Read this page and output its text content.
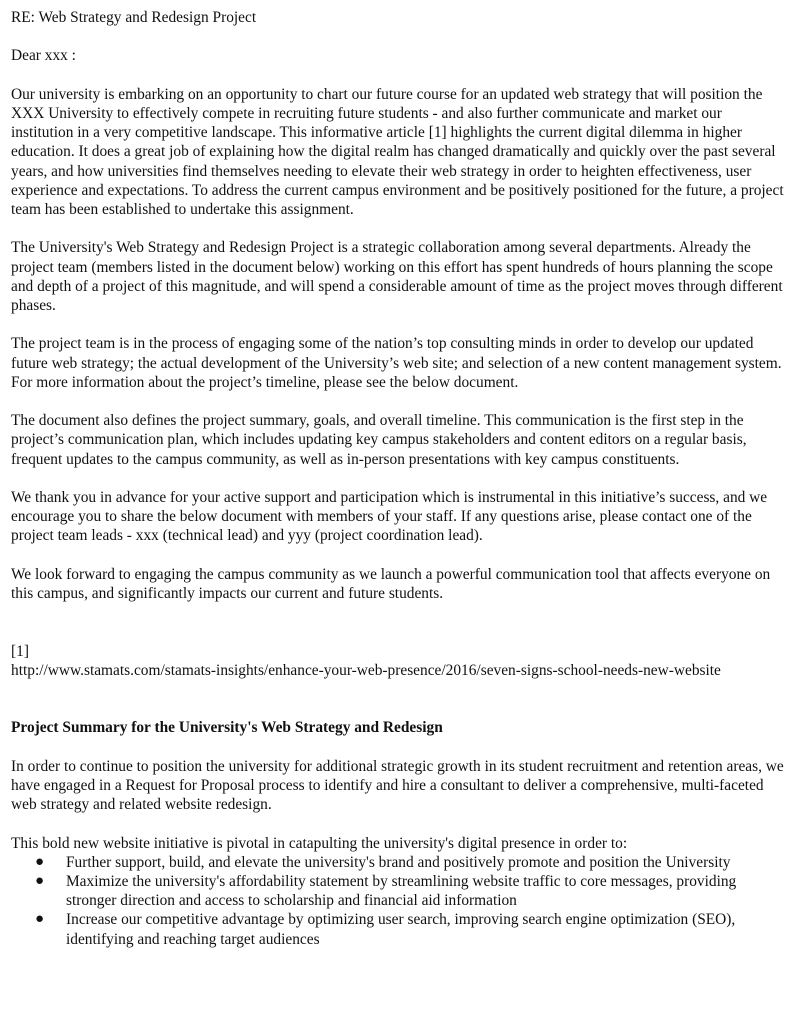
RE: Web Strategy and Redesign Project

Dear xxx :

Our university is embarking on an opportunity to chart our future course for an updated web strategy that will position the XXX University to effectively compete in recruiting future students - and also further communicate and market our institution in a very competitive landscape. This informative article [1] highlights the current digital dilemma in higher education. It does a great job of explaining how the digital realm has changed dramatically and quickly over the past several years, and how universities find themselves needing to elevate their web strategy in order to heighten effectiveness, user experience and expectations. To address the current campus environment and be positively positioned for the future, a project team has been established to undertake this assignment.

The University's Web Strategy and Redesign Project is a strategic collaboration among several departments. Already the project team (members listed in the document below) working on this effort has spent hundreds of hours planning the scope and depth of a project of this magnitude, and will spend a considerable amount of time as the project moves through different phases.

The project team is in the process of engaging some of the nation’s top consulting minds in order to develop our updated future web strategy; the actual development of the University’s web site; and selection of a new content management system. For more information about the project’s timeline, please see the below document.

The document also defines the project summary, goals, and overall timeline. This communication is the first step in the project’s communication plan, which includes updating key campus stakeholders and content editors on a regular basis, frequent updates to the campus community, as well as in-person presentations with key campus constituents.

We thank you in advance for your active support and participation which is instrumental in this initiative’s success, and we encourage you to share the below document with members of your staff. If any questions arise, please contact one of the project team leads - xxx (technical lead) and yyy (project coordination lead).

We look forward to engaging the campus community as we launch a powerful communication tool that affects everyone on this campus, and significantly impacts our current and future students.

[1]

http://www.stamats.com/stamats-insights/enhance-your-web-presence/2016/seven-signs-school-needs-new-website

Project Summary for the University's Web Strategy and Redesign

In order to continue to position the university for additional strategic growth in its student recruitment and retention areas, we have engaged in a Request for Proposal process to identify and hire a consultant to deliver a comprehensive, multi-faceted web strategy and related website redesign.

This bold new website initiative is pivotal in catapulting the university's digital presence in order to:

● Further support, build, and elevate the university's brand and positively promote and position the University
● Maximize the university's affordability statement by streamlining website traffic to core messages, providing stronger direction and access to scholarship and financial aid information
● Increase our competitive advantage by optimizing user search, improving search engine optimization (SEO), identifying and reaching target audiences
